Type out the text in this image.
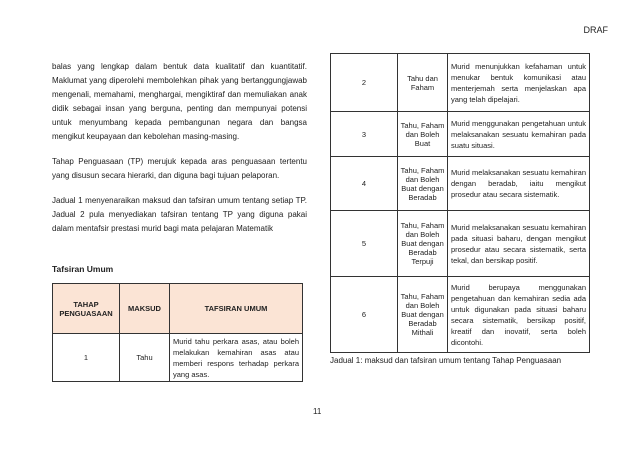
DRAF

balas yang lengkap dalam bentuk data kualitatif dan kuantitatif. Maklumat yang diperolehi membolehkan pihak yang bertanggungjawab mengenali, memahami, menghargai, mengiktiraf dan memuliakan anak didik sebagai insan yang berguna, penting dan mempunyai potensi untuk menyumbang kepada pembangunan negara dan bangsa mengikut keupayaan dan kebolehan masing-masing.

Tahap Penguasaan (TP) merujuk kepada aras penguasaan tertentu yang disusun secara hierarki, dan diguna bagi tujuan pelaporan.

Jadual 1 menyenaraikan maksud dan tafsiran umum tentang setiap TP. Jadual 2 pula menyediakan tafsiran tentang TP yang diguna pakai dalam mentafsir prestasi murid bagi mata pelajaran Matematik

Tafsiran Umum
TAHAP PENGUASAAN	MAKSUD	TAFSIRAN UMUM
1	Tahu	Murid tahu perkara asas, atau boleh melakukan kemahiran asas atau memberi respons terhadap perkara yang asas.
2	Tahu dan Faham	Murid menunjukkan kefahaman untuk menukar bentuk komunikasi atau menterjemah serta menjelaskan apa yang telah dipelajari.
3	Tahu, Faham dan Boleh Buat	Murid menggunakan pengetahuan untuk melaksanakan sesuatu kemahiran pada suatu situasi.
4	Tahu, Faham dan Boleh Buat dengan Beradab	Murid melaksanakan sesuatu kemahiran dengan beradab, iaitu mengikut prosedur atau secara sistematik.
5	Tahu, Faham dan Boleh Buat dengan Beradab Terpuji	Murid melaksanakan sesuatu kemahiran pada situasi baharu, dengan mengikut prosedur atau secara sistematik, serta tekal, dan bersikap positif.
6	Tahu, Faham dan Boleh Buat dengan Beradab Mithali	Murid berupaya menggunakan pengetahuan dan kemahiran sedia ada untuk digunakan pada situasi baharu secara sistematik, bersikap positif, kreatif dan inovatif, serta boleh dicontohi.
Jadual 1: maksud dan tafsiran umum tentang Tahap Penguasaan
11
